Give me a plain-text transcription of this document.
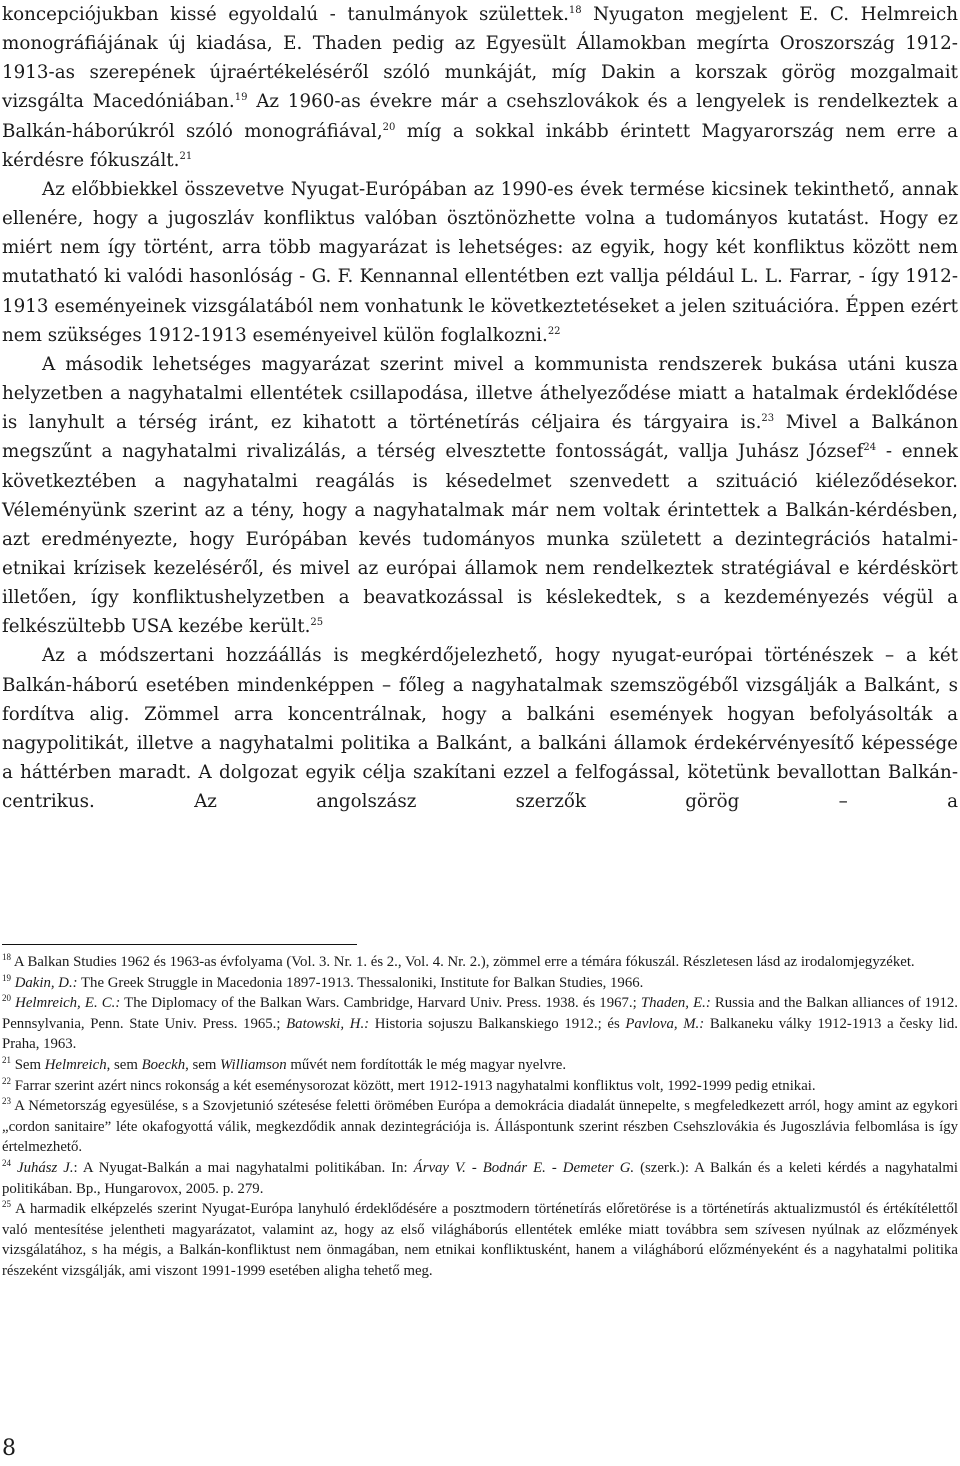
koncepciójukban kissé egyoldalú - tanulmányok születtek.$^{18}$ Nyugaton megjelent E. C. Helmreich monográfiájának új kiadása, E. Thaden pedig az Egyesült Államokban megírta Oroszország 1912-1913-as szerepének újraértékeléséről szóló munkáját, míg Dakin a korszak görög mozgalmait vizsgálta Macedóniában.$^{19}$ Az 1960-as évekre már a csehszlovákok és a lengyelek is rendelkeztek a Balkán-háborúkról szóló monográfiával,$^{20}$ míg a sokkal inkább érintett Magyarország nem erre a kérdésre fókuszált.$^{21}$

Az előbbiekkel összevetve Nyugat-Európában az 1990-es évek termése kicsinek tekinthető, annak ellenére, hogy a jugoszláv konfliktus valóban ösztönözhette volna a tudományos kutatást. Hogy ez miért nem így történt, arra több magyarázat is lehetséges: az egyik, hogy két konfliktus között nem mutatható ki valódi hasonlóság - G. F. Kennannal ellentétben ezt vallja például L. L. Farrar, - így 1912-1913 eseményeinek vizsgálatából nem vonhatunk le következtetéseket a jelen szituációra. Éppen ezért nem szükséges 1912-1913 eseményeivel külön foglalkozni.$^{22}$

A második lehetséges magyarázat szerint mivel a kommunista rendszerek bukása utáni kusza helyzetben a nagyhatalmi ellentétek csillapodása, illetve áthelyeződése miatt a hatalmak érdeklődése is lanyhult a térség iránt, ez kihatott a történetírás céljaira és tárgyaira is.$^{23}$ Mivel a Balkánon megszűnt a nagyhatalmi rivalizálás, a térség elvesztette fontosságát, vallja Juhász József$^{24}$ - ennek következtében a nagyhatalmi reagálás is késedelmet szenvedett a szituáció kiéleződésekor. Véleményünk szerint az a tény, hogy a nagyhatalmak már nem voltak érintettek a Balkán-kérdésben, azt eredményezte, hogy Európában kevés tudományos munka született a dezintegrációs hatalmi-etnikai krízisek kezeléséről, és mivel az európai államok nem rendelkeztek stratégiával e kérdéskört illetően, így konfliktushelyzetben a beavatkozással is késlekedtek, s a kezdeményezés végül a felkészültebb USA kezébe került.$^{25}$

Az a módszertani hozzáállás is megkérdőjelezhető, hogy nyugat-európai történészek – a két Balkán-háború esetében mindenképpen – főleg a nagyhatalmak szemszögéből vizsgálják a Balkánt, s fordítva alig. Zömmel arra koncentrálnak, hogy a balkáni események hogyan befolyásolták a nagypolitikát, illetve a nagyhatalmi politika a Balkánt, a balkáni államok érdekérvényesítő képessége a háttérben maradt. A dolgozat egyik célja szakítani ezzel a felfogással, kötetünk bevallottan Balkán-centrikus. Az angolszász szerzők görög – a

$^{18}$ A Balkan Studies 1962 és 1963-as évfolyama (Vol. 3. Nr. 1. és 2., Vol. 4. Nr. 2.), zömmel erre a témára fókuszál. Részletesen lásd az irodalomjegyzéket.

$^{19}$ Dakin, D.: The Greek Struggle in Macedonia 1897-1913. Thessaloniki, Institute for Balkan Studies, 1966.

$^{20}$ Helmreich, E. C.: The Diplomacy of the Balkan Wars. Cambridge, Harvard Univ. Press. 1938. és 1967.; Thaden, E.: Russia and the Balkan alliances of 1912. Pennsylvania, Penn. State Univ. Press. 1965.; Batowski, H.: Historia sojuszu Balkanskiego 1912.; és Pavlova, M.: Balkaneku války 1912-1913 a česky lid. Praha, 1963.

$^{21}$ Sem Helmreich, sem Boeckh, sem Williamson művét nem fordították le még magyar nyelvre.

$^{22}$ Farrar szerint azért nincs rokonság a két eseménysorozat között, mert 1912-1913 nagyhatalmi konfliktus volt, 1992-1999 pedig etnikai.

$^{23}$ A Németország egyesülése, s a Szovjetunió szétesése feletti örömében Európa a demokrácia diadalát ünnepelte, s megfeledkezett arról, hogy amint az egykori „cordon sanitaire” léte okafogyottá válik, megkezdődik annak dezintegrációja is. Álláspontunk szerint részben Csehszlovákia és Jugoszlávia felbomlása is így értelmezhető.

$^{24}$ Juhász J.: A Nyugat-Balkán a mai nagyhatalmi politikában. In: Árvay V. - Bodnár E. - Demeter G. (szerk.): A Balkán és a keleti kérdés a nagyhatalmi politikában. Bp., Hungarovox, 2005. p. 279.

$^{25}$ A harmadik elképzelés szerint Nyugat-Európa lanyhuló érdeklődésére a posztmodern történetírás előretörése is a történetírás aktualizmustól és értékítélettől való mentesítése jelentheti magyarázatot, valamint az, hogy az első világháborús ellentétek emléke miatt továbbra sem szívesen nyúlnak az előzmények vizsgálatához, s ha mégis, a Balkán-konfliktust nem önmagában, nem etnikai konfliktusként, hanem a világháború előzményeként és a nagyhatalmi politika részeként vizsgálják, ami viszont 1991-1999 esetében aligha tehető meg.

8
